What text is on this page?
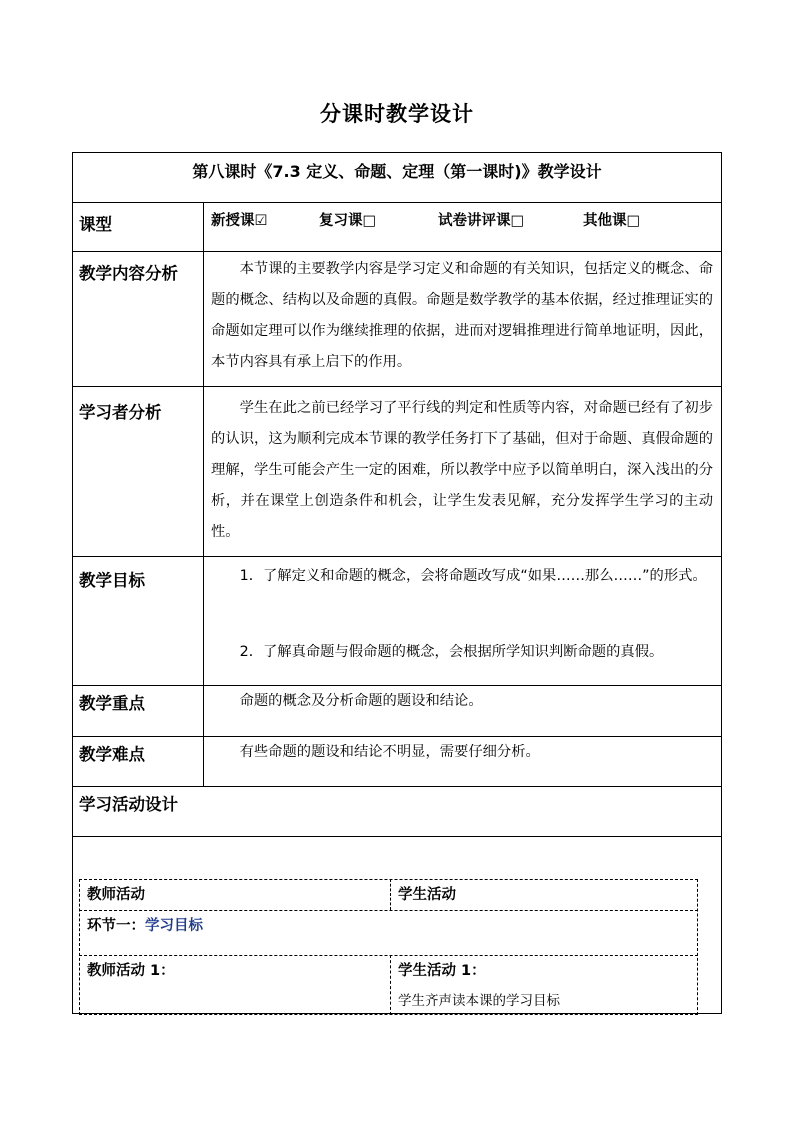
分课时教学设计
第八课时《7.3 定义、命题、定理（第一课时)》教学设计
课型	新授课☑	复习课□	试卷讲评课□	其他课□
教学内容分析	本节课的主要教学内容是学习定义和命题的有关知识，包括定义的概念、命题的概念、结构以及命题的真假。命题是数学教学的基本依据，经过推理证实的命题如定理可以作为继续推理的依据，进而对逻辑推理进行简单地证明，因此，本节内容具有承上启下的作用。
学习者分析	学生在此之前已经学习了平行线的判定和性质等内容，对命题已经有了初步的认识，这为顺利完成本节课的教学任务打下了基础，但对于命题、真假命题的理解，学生可能会产生一定的困难，所以教学中应予以简单明白，深入浅出的分析，并在课堂上创造条件和机会，让学生发表见解，充分发挥学生学习的主动性。
教学目标	1．了解定义和命题的概念，会将命题改写成“如果……那么……”的形式。
2．了解真命题与假命题的概念，会根据所学知识判断命题的真假。
教学重点	命题的概念及分析命题的题设和结论。
教学难点	有些命题的题设和结论不明显，需要仔细分析。
学习活动设计
教师活动	学生活动
环节一：学习目标
教师活动 1：	学生活动 1：
学生齐声读本课的学习目标
